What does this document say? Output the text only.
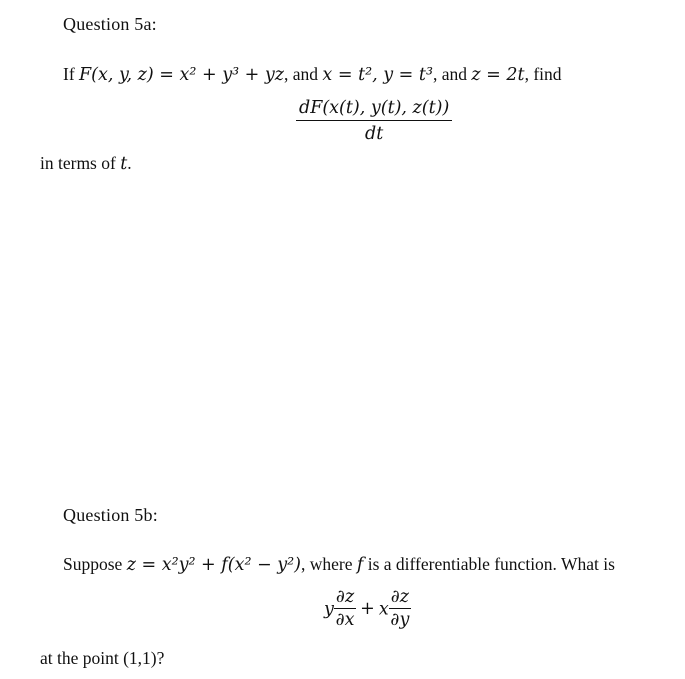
Question 5a:
If F(x, y, z) = x² + y³ + yz, and x = t², y = t³, and z = 2t, find
$\frac{dF(x(t), y(t), z(t))}{dt}$
in terms of t.
Question 5b:
Suppose z = x²y² + f(x² − y²), where f is a differentiable function. What is
y $\frac{\partial z}{\partial x} + x \frac{\partial z}{\partial y}$
at the point (1,1)?
